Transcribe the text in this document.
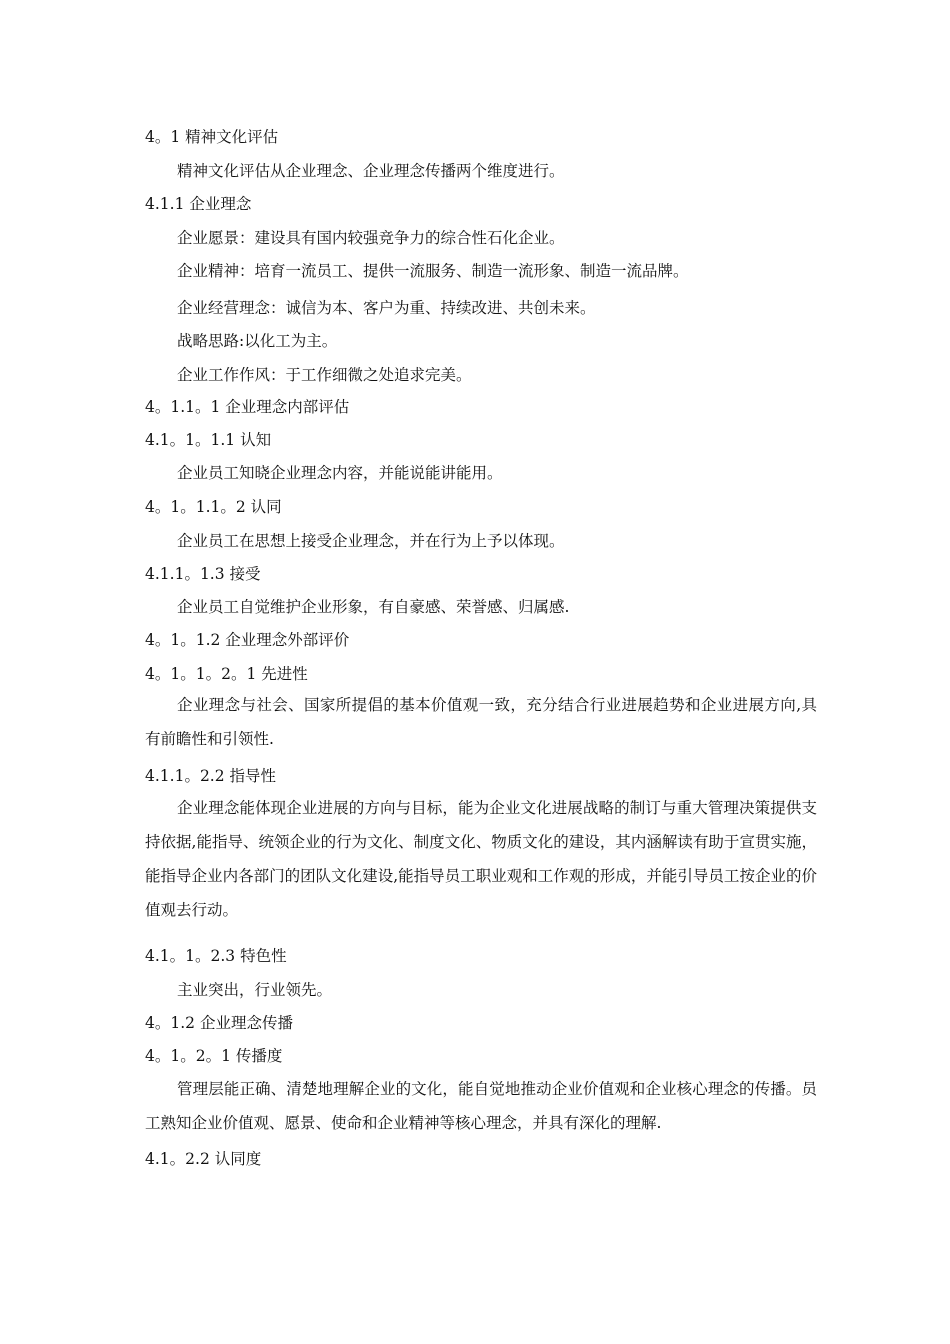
4。1 精神文化评估
精神文化评估从企业理念、企业理念传播两个维度进行。
4.1.1 企业理念
企业愿景：建设具有国内较强竞争力的综合性石化企业。
企业精神：培育一流员工、提供一流服务、制造一流形象、制造一流品牌。
企业经营理念：诚信为本、客户为重、持续改进、共创未来。
战略思路:以化工为主。
企业工作作风：于工作细微之处追求完美。
4。1.1。1 企业理念内部评估
4.1。1。1.1 认知
企业员工知晓企业理念内容，并能说能讲能用。
4。1。1.1。2 认同
企业员工在思想上接受企业理念，并在行为上予以体现。
4.1.1。1.3 接受
企业员工自觉维护企业形象，有自豪感、荣誉感、归属感.
4。1。1.2 企业理念外部评价
4。1。1。2。1 先进性
企业理念与社会、国家所提倡的基本价值观一致，充分结合行业进展趋势和企业进展方向,具有前瞻性和引领性.
4.1.1。2.2 指导性
企业理念能体现企业进展的方向与目标，能为企业文化进展战略的制订与重大管理决策提供支持依据,能指导、统领企业的行为文化、制度文化、物质文化的建设，其内涵解读有助于宣贯实施，能指导企业内各部门的团队文化建设,能指导员工职业观和工作观的形成，并能引导员工按企业的价值观去行动。
4.1。1。2.3 特色性
主业突出，行业领先。
4。1.2 企业理念传播
4。1。2。1 传播度
管理层能正确、清楚地理解企业的文化，能自觉地推动企业价值观和企业核心理念的传播。员工熟知企业价值观、愿景、使命和企业精神等核心理念，并具有深化的理解.
4.1。2.2 认同度
